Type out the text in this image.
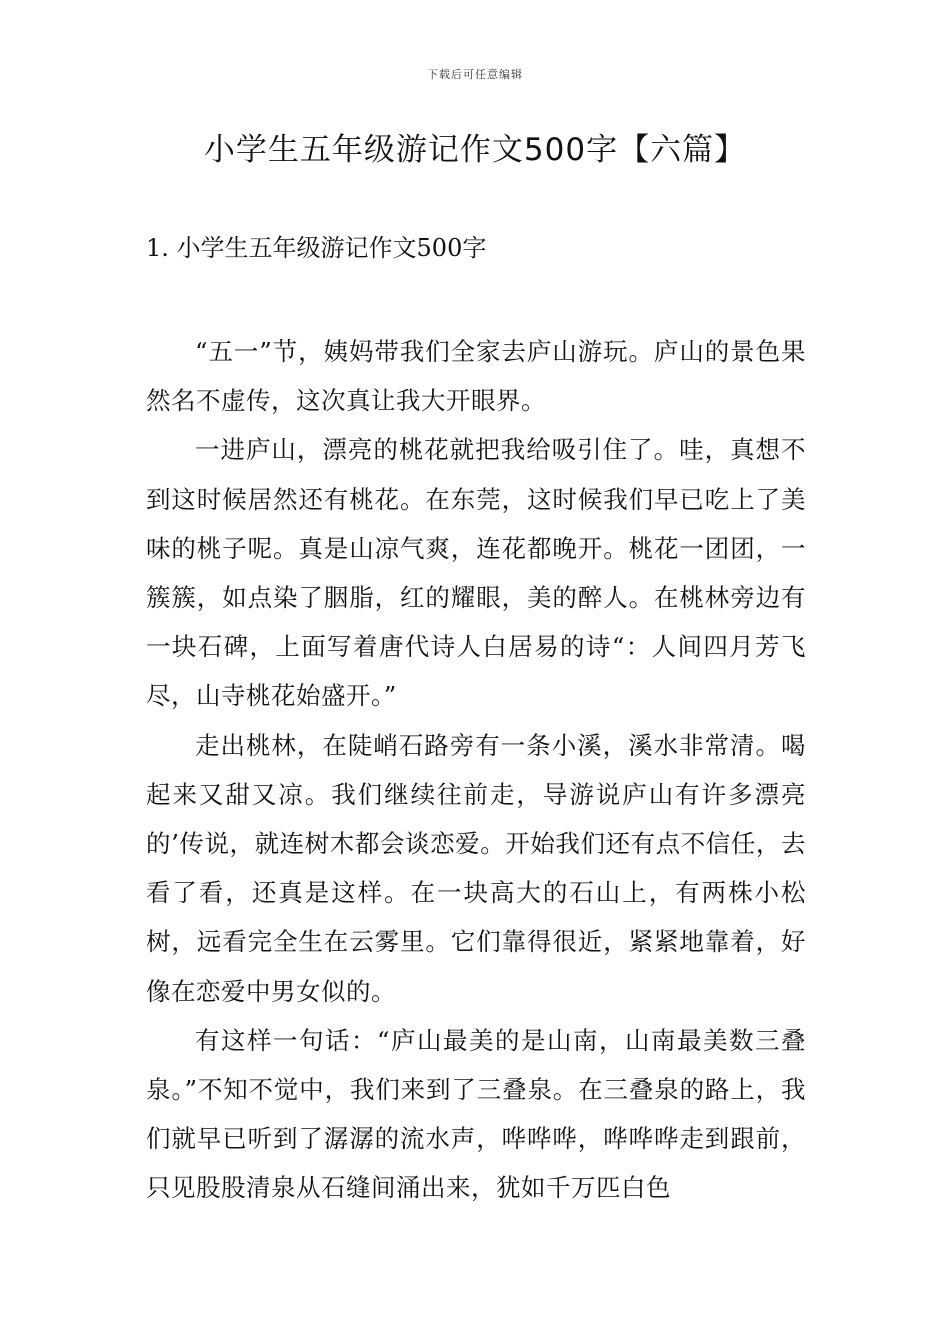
下载后可任意编辑
小学生五年级游记作文500字【六篇】
1. 小学生五年级游记作文500字

“五一”节，姨妈带我们全家去庐山游玩。庐山的景色果然名不虚传，这次真让我大开眼界。

一进庐山，漂亮的桃花就把我给吸引住了。哇，真想不到这时候居然还有桃花。在东莞，这时候我们早已吃上了美味的桃子呢。真是山凉气爽，连花都晚开。桃花一团团，一簇簇，如点染了胭脂，红的耀眼，美的醉人。在桃林旁边有一块石碑，上面写着唐代诗人白居易的诗“：人间四月芳飞尽，山寺桃花始盛开。”

走出桃林，在陡峭石路旁有一条小溪，溪水非常清。喝起来又甜又凉。我们继续往前走，导游说庐山有许多漂亮的’传说，就连树木都会谈恋爱。开始我们还有点不信任，去看了看，还真是这样。在一块高大的石山上，有两株小松树，远看完全生在云雾里。它们靠得很近，紧紧地靠着，好像在恋爱中男女似的。

有这样一句话：“庐山最美的是山南，山南最美数三叠泉。”不知不觉中，我们来到了三叠泉。在三叠泉的路上，我们就早已听到了潺潺的流水声，哗哗哗，哗哗哗走到跟前，只见股股清泉从石缝间涌出来，犹如千万匹白色
